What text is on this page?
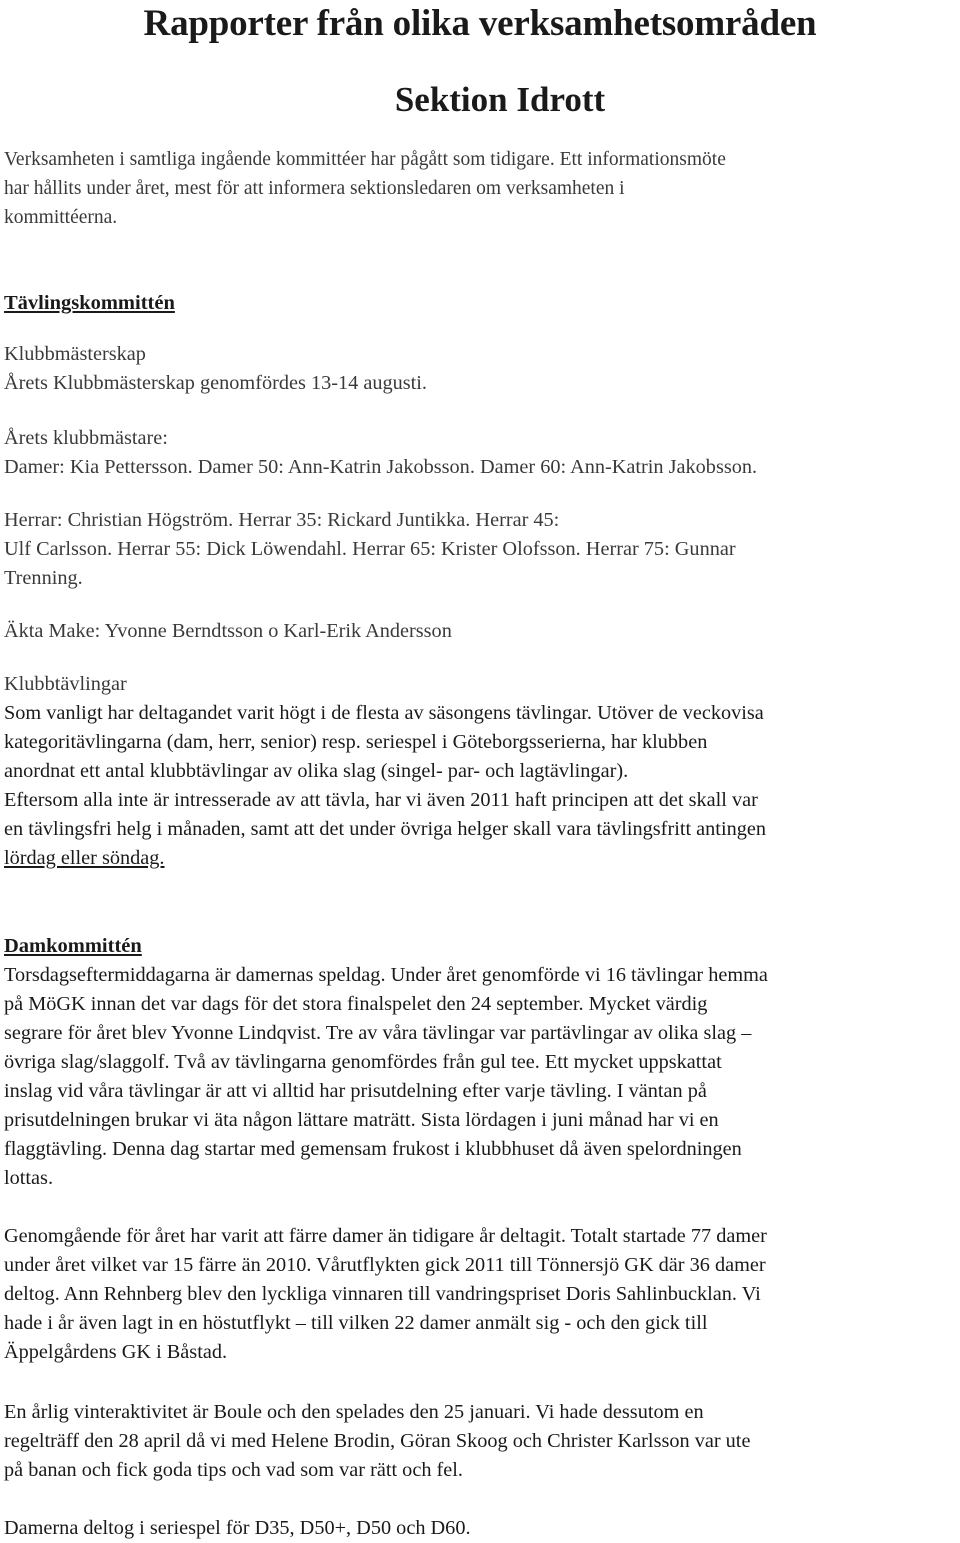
Rapporter från olika verksamhetsområden
Sektion Idrott
Verksamheten i samtliga ingående kommittéer har pågått som tidigare. Ett informationsmöte
har hållits under året, mest för att informera sektionsledaren om verksamheten i
kommittéerna.
Tävlingskommittén
Klubbmästerskap
Årets Klubbmästerskap genomfördes 13-14 augusti.
Årets klubbmästare:
Damer: Kia Pettersson. Damer 50: Ann-Katrin Jakobsson. Damer 60: Ann-Katrin Jakobsson.
Herrar: Christian Högström. Herrar 35: Rickard Juntikka. Herrar 45:
Ulf Carlsson. Herrar 55: Dick Löwendahl. Herrar 65: Krister Olofsson. Herrar 75: Gunnar
Trenning.
Äkta Make: Yvonne Berndtsson o Karl-Erik Andersson
Klubbtävlingar
Som vanligt har deltagandet varit högt i de flesta av säsongens tävlingar. Utöver de veckovisa
kategoritävlingarna (dam, herr, senior) resp. seriespel i Göteborgsserierna, har klubben
anordnat ett antal klubbtävlingar av olika slag (singel- par- och lagtävlingar).
Eftersom alla inte är intresserade av att tävla, har vi även 2011 haft principen att det skall var
en tävlingsfri helg i månaden, samt att det under övriga helger skall vara tävlingsfritt antingen
lördag eller söndag.
Damkommittén
Torsdagseftermiddagarna är damernas speldag. Under året genomförde vi 16 tävlingar hemma
på MöGK innan det var dags för det stora finalspelet den 24 september. Mycket värdig
segrare för året blev Yvonne Lindqvist. Tre av våra tävlingar var partävlingar av olika slag –
övriga slag/slaggolf. Två av tävlingarna genomfördes från gul tee. Ett mycket uppskattat
inslag vid våra tävlingar är att vi alltid har prisutdelning efter varje tävling. I väntan på
prisutdelningen brukar vi äta någon lättare maträtt. Sista lördagen i juni månad har vi en
flaggtävling. Denna dag startar med gemensam frukost i klubbhuset då även spelordningen
lottas.
Genomgående för året har varit att färre damer än tidigare år deltagit. Totalt startade 77 damer
under året vilket var 15 färre än 2010. Vårutflykten gick 2011 till Tönnersjö GK där 36 damer
deltog. Ann Rehnberg blev den lyckliga vinnaren till vandringspriset Doris Sahlinbucklan. Vi
hade i år även lagt in en höstutflykt – till vilken 22 damer anmält sig - och den gick till
Äppelgårdens GK i Båstad.
En årlig vinteraktivitet är Boule och den spelades den 25 januari. Vi hade dessutom en
regelträff den 28 april då vi med Helene Brodin, Göran Skoog och Christer Karlsson var ute
på banan och fick goda tips och vad som var rätt och fel.
Damerna deltog i seriespel för D35, D50+, D50 och D60.
